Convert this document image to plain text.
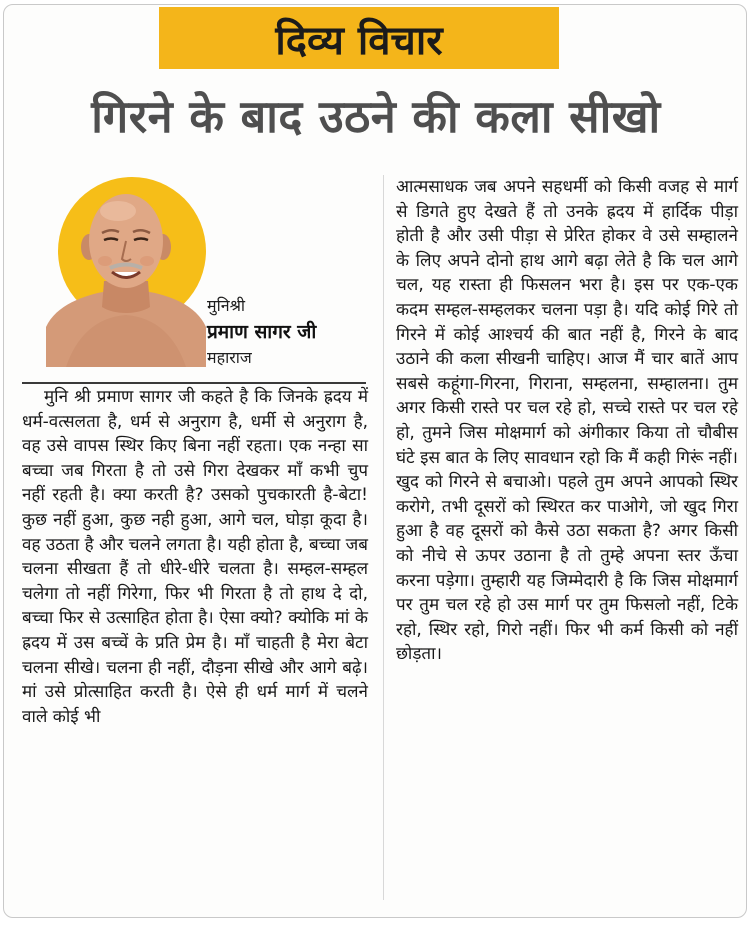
दिव्य विचार
गिरने के बाद उठने की कला सीखो
मुनिश्री
प्रमाण सागर जी
महाराज

मुनि श्री प्रमाण सागर जी कहते है कि जिनके ह्रदय में धर्म-वत्सलता है, धर्म से अनुराग है, धर्मी से अनुराग है, वह उसे वापस स्थिर किए बिना नहीं रहता। एक नन्हा सा बच्चा जब गिरता है तो उसे गिरा देखकर माँ कभी चुप नहीं रहती है। क्या करती है? उसको पुचकारती है-बेटा! कुछ नहीं हुआ, कुछ नही हुआ, आगे चल, घोड़ा कूदा है। वह उठता है और चलने लगता है। यही होता है, बच्चा जब चलना सीखता हैं तो धीरे-धीरे चलता है। सम्हल-सम्हल चलेगा तो नहीं गिरेगा, फिर भी गिरता है तो हाथ दे दो, बच्चा फिर से उत्साहित होता है। ऐसा क्यो? क्योकि मां के ह्रदय में उस बच्चें के प्रति प्रेम है। माँ चाहती है मेरा बेटा चलना सीखे। चलना ही नहीं, दौड़ना सीखे और आगे बढ़े। मां उसे प्रोत्साहित करती है। ऐसे ही धर्म मार्ग में चलने वाले कोई भी

आत्मसाधक जब अपने सहधर्मी को किसी वजह से मार्ग से डिगते हुए देखते हैं तो उनके ह्रदय में हार्दिक पीड़ा होती है और उसी पीड़ा से प्रेरित होकर वे उसे सम्हालने के लिए अपने दोनो हाथ आगे बढ़ा लेते है कि चल आगे चल, यह रास्ता ही फिसलन भरा है। इस पर एक-एक कदम सम्हल-सम्हलकर चलना पड़ा है। यदि कोई गिरे तो गिरने में कोई आश्चर्य की बात नहीं है, गिरने के बाद उठाने की कला सीखनी चाहिए। आज मैं चार बातें आप सबसे कहूंगा-गिरना, गिराना, सम्हलना, सम्हालना। तुम अगर किसी रास्ते पर चल रहे हो, सच्चे रास्ते पर चल रहे हो, तुमने जिस मोक्षमार्ग को अंगीकार किया तो चौबीस घंटे इस बात के लिए सावधान रहो कि मैं कही गिरूं नहीं। खुद को गिरने से बचाओ। पहले तुम अपने आपको स्थिर करोगे, तभी दूसरों को स्थिरत कर पाओगे, जो खुद गिरा हुआ है वह दूसरों को कैसे उठा सकता है? अगर किसी को नीचे से ऊपर उठाना है तो तुम्हे अपना स्तर ऊँचा करना पड़ेगा। तुम्हारी यह जिम्मेदारी है कि जिस मोक्षमार्ग पर तुम चल रहे हो उस मार्ग पर तुम फिसलो नहीं, टिके रहो, स्थिर रहो, गिरो नहीं। फिर भी कर्म किसी को नहीं छोड़ता।
